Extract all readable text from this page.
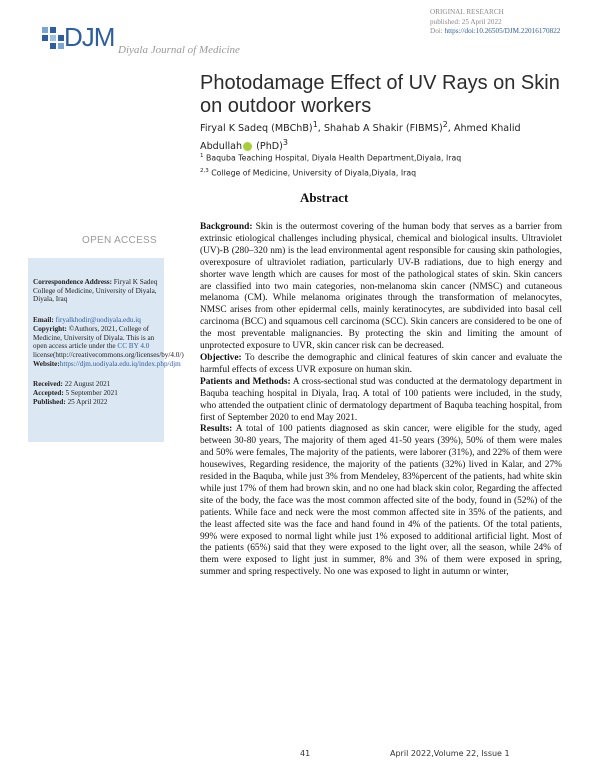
DJM Diyala Journal of Medicine
ORIGINAL RESEARCH
published: 25 April 2022
Doi: https://doi:10.26505/DJM.22016170822
Photodamage Effect of UV Rays on Skin on outdoor workers
Firyal K Sadeq (MBChB)$^1$, Shahab A Shakir (FIBMS)$^2$, Ahmed Khalid Abdullah (PhD)$^3$
$^1$ Baquba Teaching Hospital, Diyala Health Department,Diyala, Iraq
$^{2,3}$ College of Medicine, University of Diyala,Diyala, Iraq
Abstract
OPEN ACCESS
Correspondence Address: Firyal K Sadeq College of Medicine, University of Diyala, Diyala, Iraq
Email: firyalkhodir@uodiyala.edu.iq
Copyright: ©Authors, 2021, College of Medicine, University of Diyala. This is an open access article under the CC BY 4.0 license(http://creativecommons.org/licenses/by/4.0/)
Website:https://djm.uodiyala.edu.iq/index.php/djm
Received: 22 August 2021
Accepted: 5 September 2021
Published: 25 April 2022

Background: Skin is the outermost covering of the human body that serves as a barrier from extrinsic etiological challenges including physical, chemical and biological insults. Ultraviolet (UV)-B (280–320 nm) is the lead environmental agent responsible for causing skin pathologies, overexposure of ultraviolet radiation, particularly UV-B radiations, due to high energy and shorter wave length which are causes for most of the pathological states of skin. Skin cancers are classified into two main categories, non-melanoma skin cancer (NMSC) and cutaneous melanoma (CM). While melanoma originates through the transformation of melanocytes, NMSC arises from other epidermal cells, mainly keratinocytes, are subdivided into basal cell carcinoma (BCC) and squamous cell carcinoma (SCC). Skin cancers are considered to be one of the most preventable malignancies. By protecting the skin and limiting the amount of unprotected exposure to UVR, skin cancer risk can be decreased.

Objective: To describe the demographic and clinical features of skin cancer and evaluate the harmful effects of excess UVR exposure on human skin.

Patients and Methods: A cross-sectional stud was conducted at the dermatology department in Baquba teaching hospital in Diyala, Iraq. A total of 100 patients were included, in the study, who attended the outpatient clinic of dermatology department of Baquba teaching hospital, from first of September 2020 to end May 2021.

Results: A total of 100 patients diagnosed as skin cancer, were eligible for the study, aged between 30-80 years, The majority of them aged 41-50 years (39%), 50% of them were males and 50% were females, The majority of the patients, were laborer (31%), and 22% of them were housewives, Regarding residence, the majority of the patients (32%) lived in Kalar, and 27% resided in the Baquba, while just 3% from Mendeley, 83%percent of the patients, had white skin while just 17% of them had brown skin, and no one had black skin color, Regarding the affected site of the body, the face was the most common affected site of the body, found in (52%) of the patients. While face and neck were the most common affected site in 35% of the patients, and the least affected site was the face and hand found in 4% of the patients. Of the total patients, 99% were exposed to normal light while just 1% exposed to additional artificial light. Most of the patients (65%) said that they were exposed to the light over, all the season, while 24% of them were exposed to light just in summer, 8% and 3% of them were exposed in spring, summer and spring respectively. No one was exposed to light in autumn or winter,

41	April 2022,Volume 22, Issue 1
